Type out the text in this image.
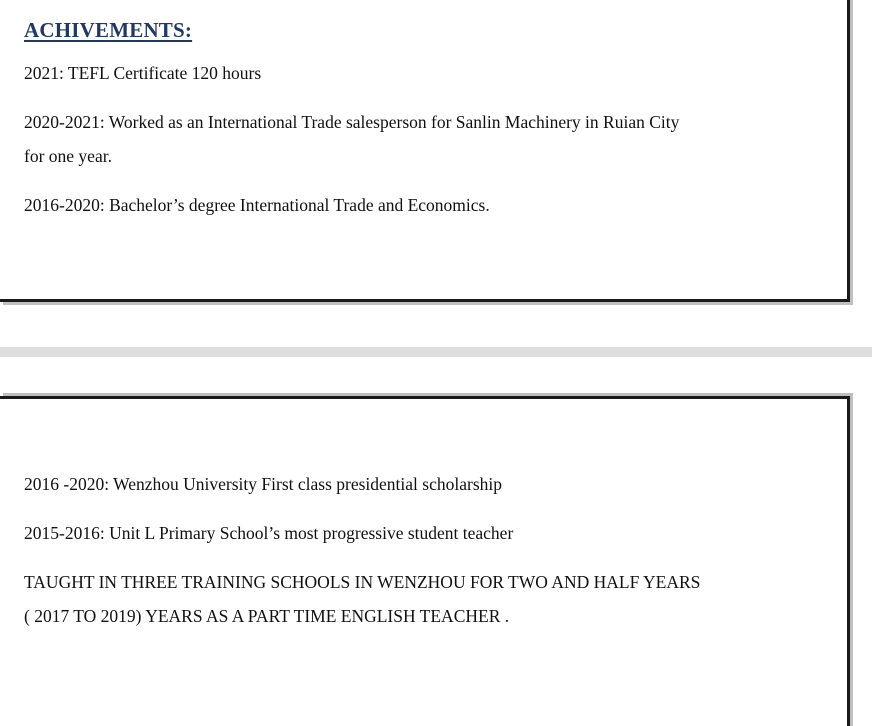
ACHIVEMENTS:
2021: TEFL Certificate 120 hours
2020-2021: Worked as an International Trade salesperson for Sanlin Machinery in Ruian City
for one year.
2016-2020: Bachelor’s degree International Trade and Economics.
2016 -2020: Wenzhou University First class presidential scholarship
2015-2016: Unit L Primary School’s most progressive student teacher
TAUGHT IN THREE TRAINING SCHOOLS IN WENZHOU FOR TWO AND HALF YEARS
( 2017 TO 2019) YEARS AS A PART TIME ENGLISH TEACHER .
